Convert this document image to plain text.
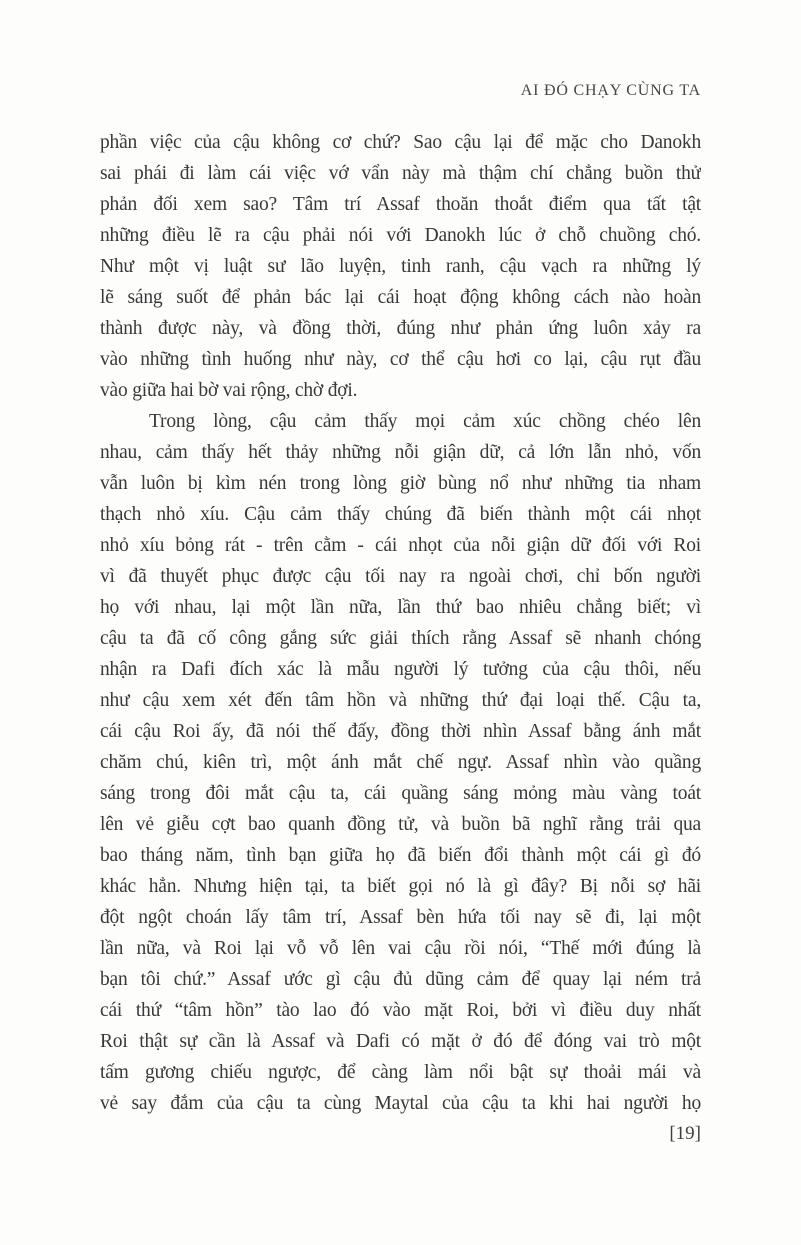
AI ĐÓ CHẠY CÙNG TA
phần việc của cậu không cơ chứ? Sao cậu lại để mặc cho Danokh
sai phái đi làm cái việc vớ vẩn này mà thậm chí chẳng buồn thử
phản đối xem sao? Tâm trí Assaf thoăn thoắt điểm qua tất tật
những điều lẽ ra cậu phải nói với Danokh lúc ở chỗ chuồng chó.
Như một vị luật sư lão luyện, tinh ranh, cậu vạch ra những lý
lẽ sáng suốt để phản bác lại cái hoạt động không cách nào hoàn
thành được này, và đồng thời, đúng như phản ứng luôn xảy ra
vào những tình huống như này, cơ thể cậu hơi co lại, cậu rụt đầu
vào giữa hai bờ vai rộng, chờ đợi.
Trong lòng, cậu cảm thấy mọi cảm xúc chồng chéo lên
nhau, cảm thấy hết thảy những nỗi giận dữ, cả lớn lẫn nhỏ, vốn
vẫn luôn bị kìm nén trong lòng giờ bùng nổ như những tia nham
thạch nhỏ xíu. Cậu cảm thấy chúng đã biến thành một cái nhọt
nhỏ xíu bỏng rát - trên cằm - cái nhọt của nỗi giận dữ đối với Roi
vì đã thuyết phục được cậu tối nay ra ngoài chơi, chỉ bốn người
họ với nhau, lại một lần nữa, lần thứ bao nhiêu chẳng biết; vì
cậu ta đã cố công gắng sức giải thích rằng Assaf sẽ nhanh chóng
nhận ra Dafi đích xác là mẫu người lý tưởng của cậu thôi, nếu
như cậu xem xét đến tâm hồn và những thứ đại loại thế. Cậu ta,
cái cậu Roi ấy, đã nói thế đấy, đồng thời nhìn Assaf bằng ánh mắt
chăm chú, kiên trì, một ánh mắt chế ngự. Assaf nhìn vào quầng
sáng trong đôi mắt cậu ta, cái quầng sáng mỏng màu vàng toát
lên vẻ giễu cợt bao quanh đồng tử, và buồn bã nghĩ rằng trải qua
bao tháng năm, tình bạn giữa họ đã biến đổi thành một cái gì đó
khác hẳn. Nhưng hiện tại, ta biết gọi nó là gì đây? Bị nỗi sợ hãi
đột ngột choán lấy tâm trí, Assaf bèn hứa tối nay sẽ đi, lại một
lần nữa, và Roi lại vỗ vỗ lên vai cậu rồi nói, “Thế mới đúng là
bạn tôi chứ.” Assaf ước gì cậu đủ dũng cảm để quay lại ném trả
cái thứ “tâm hồn” tào lao đó vào mặt Roi, bởi vì điều duy nhất
Roi thật sự cần là Assaf và Dafi có mặt ở đó để đóng vai trò một
tấm gương chiếu ngược, để càng làm nổi bật sự thoải mái và
vẻ say đắm của cậu ta cùng Maytal của cậu ta khi hai người họ
[19]
